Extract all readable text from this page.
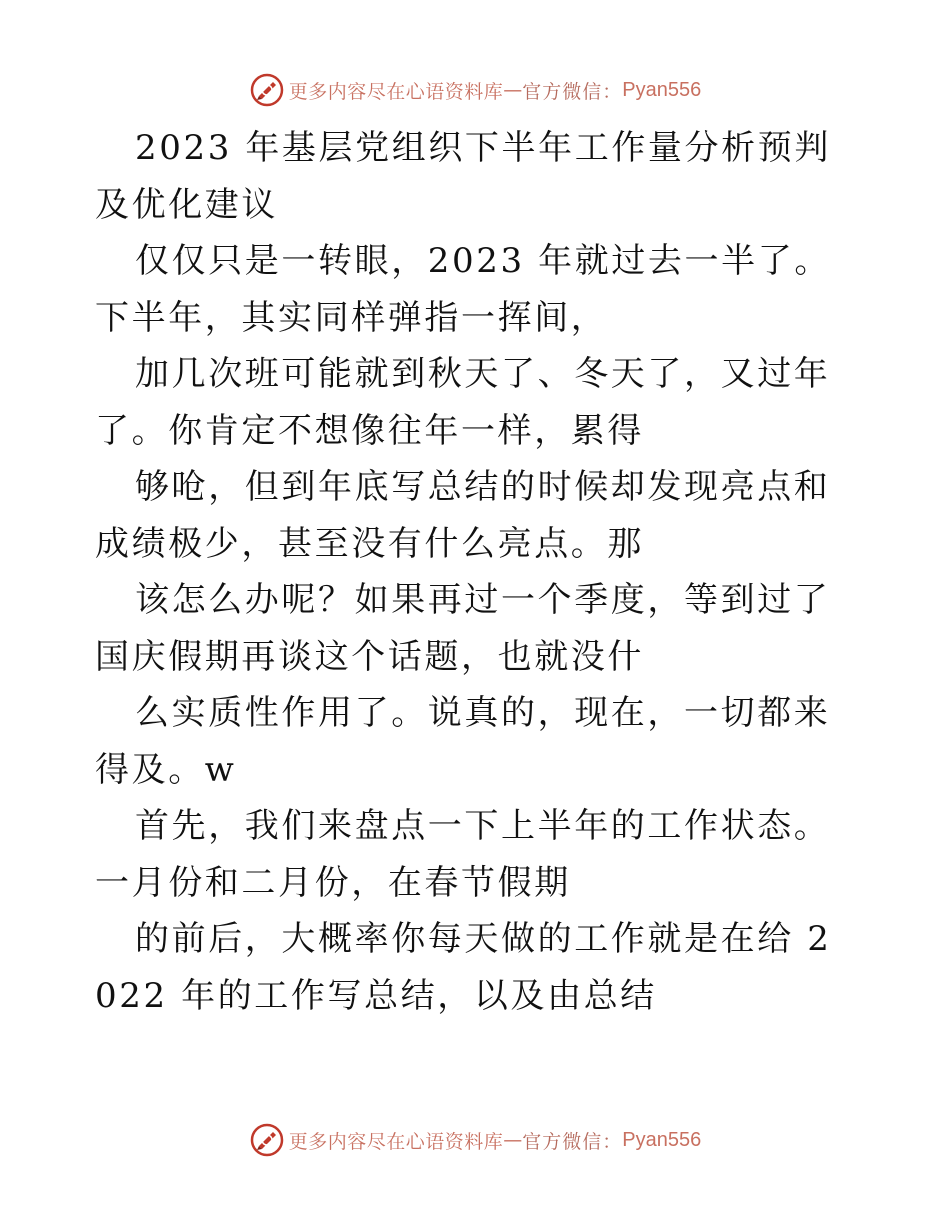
更多内容尽在心语资料库 — 官方微信： Pyan556

2023 年基层党组织下半年工作量分析预判及优化建议

仅仅只是一转眼，2023 年就过去一半了。下半年，其实同样弹指一挥间，

加几次班可能就到秋天了、冬天了，又过年了。你肯定不想像往年一样，累得

够呛，但到年底写总结的时候却发现亮点和成绩极少，甚至没有什么亮点。那

该怎么办呢？如果再过一个季度，等到过了国庆假期再谈这个话题，也就没什

么实质性作用了。说真的，现在，一切都来得及。w

首先，我们来盘点一下上半年的工作状态。一月份和二月份，在春节假期

的前后，大概率你每天做的工作就是在给 2022 年的工作写总结，以及由总结

更多内容尽在心语资料库 — 官方微信： Pyan556
